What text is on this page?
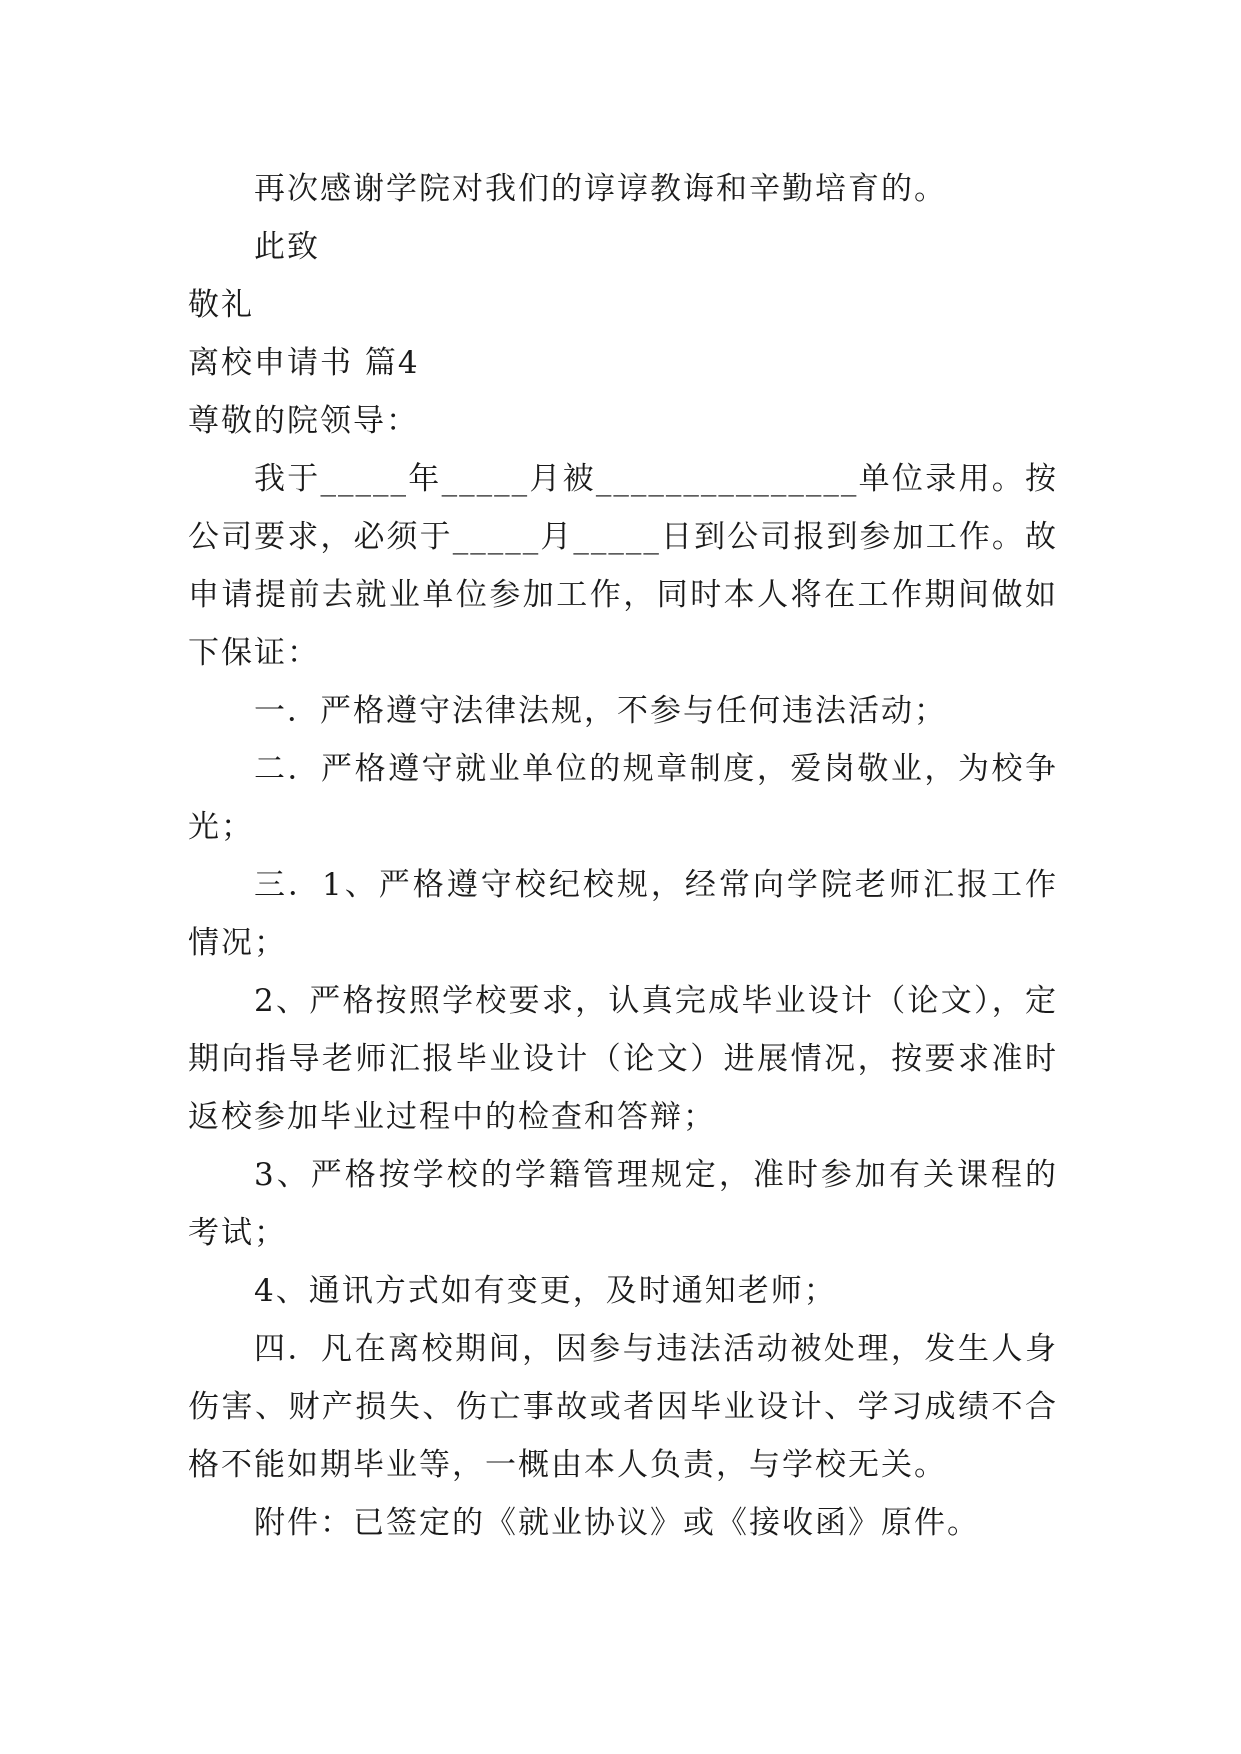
再次感谢学院对我们的谆谆教诲和辛勤培育的。

此致

敬礼

离校申请书 篇4

尊敬的院领导：

我于_____年_____月被_______________单位录用。按公司要求，必须于_____月_____日到公司报到参加工作。故申请提前去就业单位参加工作，同时本人将在工作期间做如下保证：

一．严格遵守法律法规，不参与任何违法活动；

二．严格遵守就业单位的规章制度，爱岗敬业，为校争光；

三．1、严格遵守校纪校规，经常向学院老师汇报工作情况；

2、严格按照学校要求，认真完成毕业设计（论文），定期向指导老师汇报毕业设计（论文）进展情况，按要求准时返校参加毕业过程中的检查和答辩；

3、严格按学校的学籍管理规定，准时参加有关课程的考试；

4、通讯方式如有变更，及时通知老师；

四．凡在离校期间，因参与违法活动被处理，发生人身伤害、财产损失、伤亡事故或者因毕业设计、学习成绩不合格不能如期毕业等，一概由本人负责，与学校无关。

附件：已签定的《就业协议》或《接收函》原件。
